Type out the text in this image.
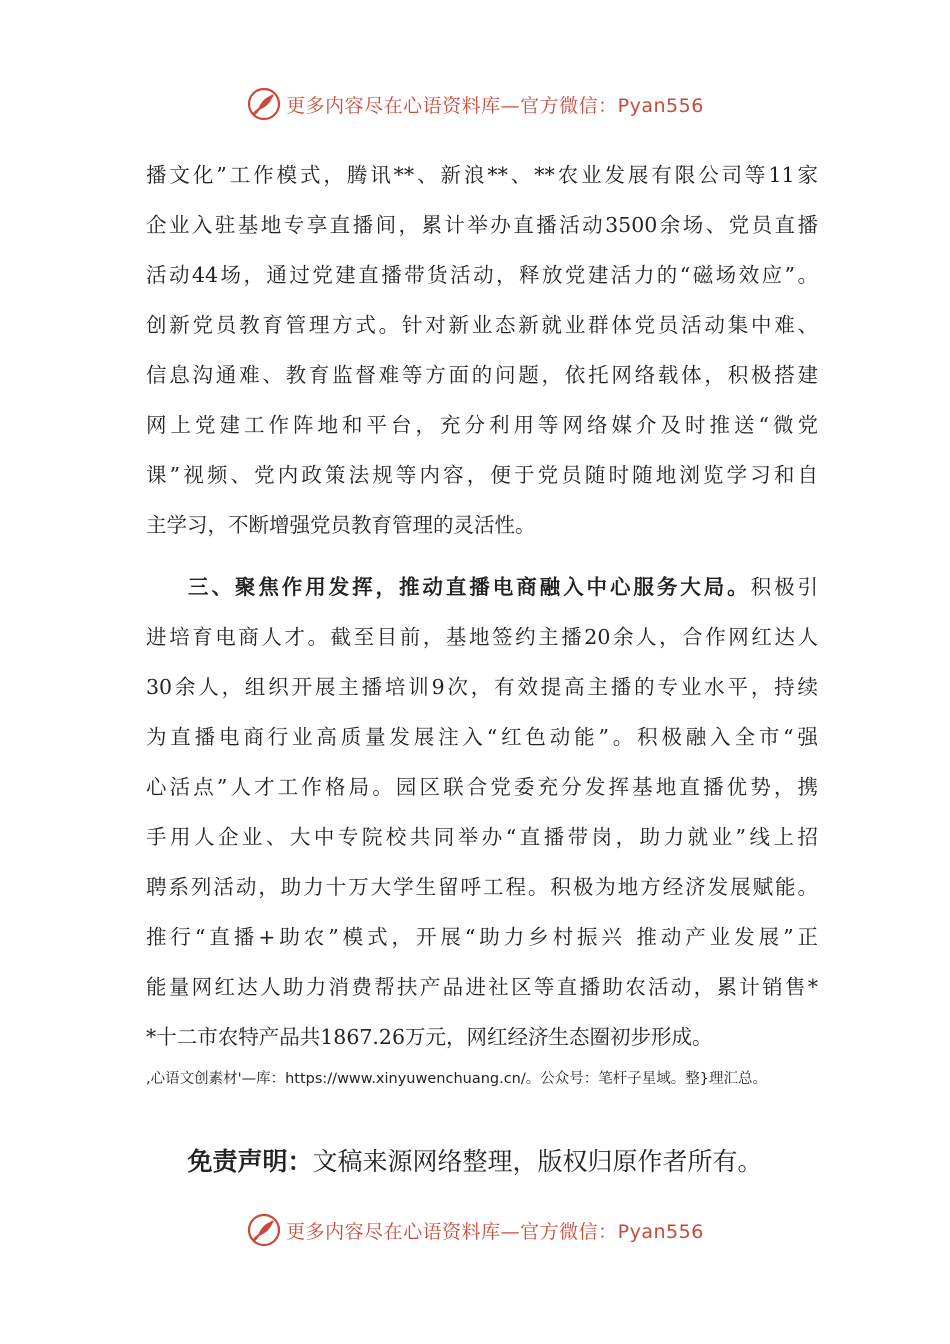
更多内容尽在心语资料库—官方微信：Pyan556
播文化”工作模式，腾讯**、新浪**、**农业发展有限公司等11家
企业入驻基地专享直播间，累计举办直播活动3500余场、党员直播
活动44场，通过党建直播带货活动，释放党建活力的“磁场效应”。
创新党员教育管理方式。针对新业态新就业群体党员活动集中难、
信息沟通难、教育监督难等方面的问题，依托网络载体，积极搭建
网上党建工作阵地和平台，充分利用等网络媒介及时推送“微党
课”视频、党内政策法规等内容，便于党员随时随地浏览学习和自
主学习，不断增强党员教育管理的灵活性。
三、聚焦作用发挥，推动直播电商融入中心服务大局。积极引
进培育电商人才。截至目前，基地签约主播20余人，合作网红达人
30余人，组织开展主播培训9次，有效提高主播的专业水平，持续
为直播电商行业高质量发展注入“红色动能”。积极融入全市“强
心活点”人才工作格局。园区联合党委充分发挥基地直播优势，携
手用人企业、大中专院校共同举办“直播带岗，助力就业”线上招
聘系列活动，助力十万大学生留呼工程。积极为地方经济发展赋能。
推行“直播+助农”模式，开展“助力乡村振兴 推动产业发展”正
能量网红达人助力消费帮扶产品进社区等直播助农活动，累计销售*
*十二市农特产品共1867.26万元，网红经济生态圈初步形成。
,心语文创素材'—库：https://www.xinyuwenchuang.cn/。公众号：笔杆子星域。整}理汇总。
免责声明：文稿来源网络整理，版权归原作者所有。
更多内容尽在心语资料库—官方微信：Pyan556
